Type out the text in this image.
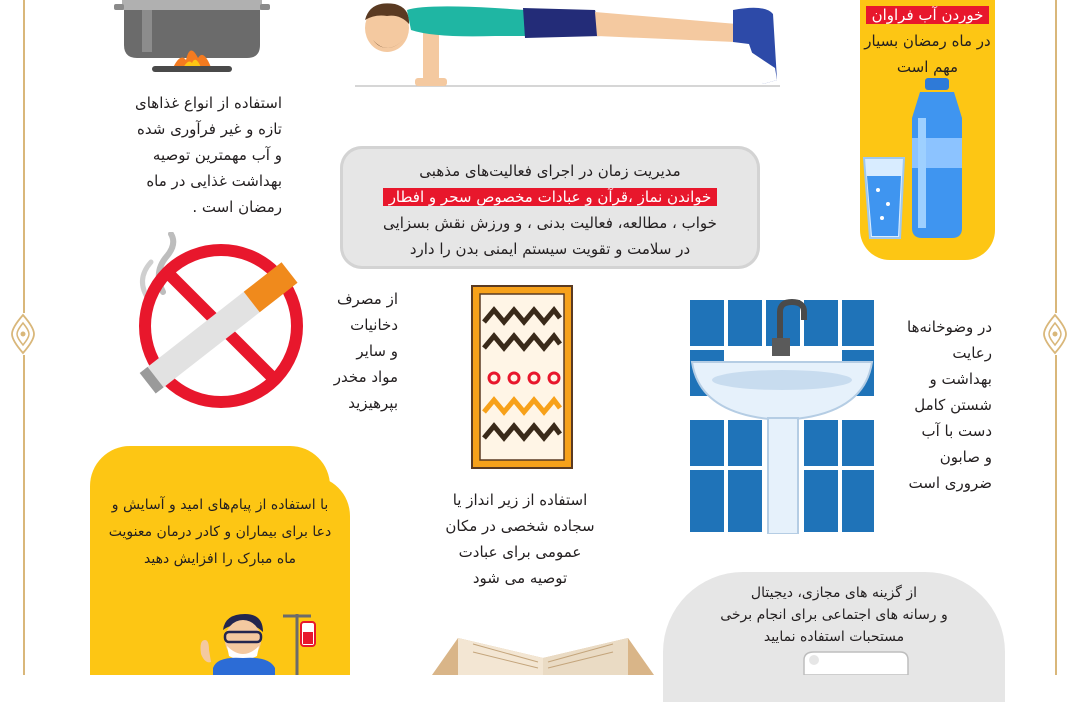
خوردن آب فراوان
در ماه رمضان بسیار
مهم است
استفاده از انواع غذاهای
تازه و غیر فرآوری شده
و آب مهمترین توصیه
بهداشت غذایی در ماه
رمضان است .
مدیریت زمان در اجرای فعالیت‌های مذهبی
خواندن نماز ،قرآن و عبادات مخصوص سحر و افطار
خواب ، مطالعه، فعالیت بدنی ، و ورزش نقش بسزایی
در سلامت و تقویت سیستم ایمنی بدن را دارد
از مصرف
دخانیات
و سایر
مواد مخدر
بپرهیزید
استفاده از زیر انداز یا
سجاده شخصی در مکان
عمومی برای عبادت
توصیه می شود
در وضوخانه‌ها
رعایت
بهداشت و
شستن کامل
دست با آب
و صابون
ضروری است
با استفاده از پیام‌های امید و آسایش و
دعا برای بیماران و کادر درمان معنویت
ماه مبارک را افزایش دهید
از گزینه های مجازی، دیجیتال
و رسانه های اجتماعی برای انجام برخی
مستحبات استفاده نمایید
